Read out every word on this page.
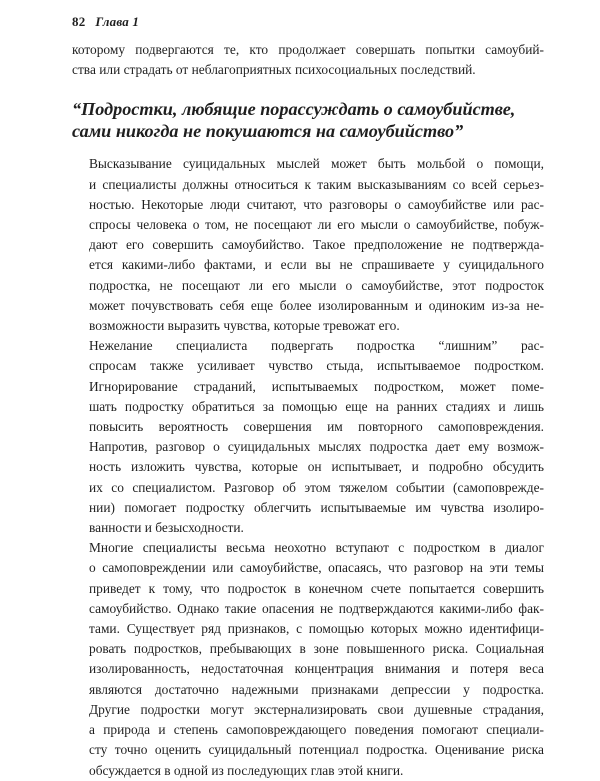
82 Глава 1

которому подвергаются те, кто продолжает совершать попытки самоубий-
ства или страдать от неблагоприятных психосоциальных последствий.

“Подростки, любящие порассуждать о самоубийстве,
сами никогда не покушаются на самоубийство”

Высказывание суицидальных мыслей может быть мольбой о помощи,
и специалисты должны относиться к таким высказываниям со всей серьез-
ностью. Некоторые люди считают, что разговоры о самоубийстве или рас-
спросы человека о том, не посещают ли его мысли о самоубийстве, побуж-
дают его совершить самоубийство. Такое предположение не подтвержда-
ется какими-либо фактами, и если вы не спрашиваете у суицидального
подростка, не посещают ли его мысли о самоубийстве, этот подросток
может почувствовать себя еще более изолированным и одиноким из-за не-
возможности выразить чувства, которые тревожат его.

Нежелание специалиста подвергать подростка “лишним” рас-
спросам также усиливает чувство стыда, испытываемое подростком.
Игнорирование страданий, испытываемых подростком, может поме-
шать подростку обратиться за помощью еще на ранних стадиях и лишь
повысить вероятность совершения им повторного самоповреждения.
Напротив, разговор о суицидальных мыслях подростка дает ему возмож-
ность изложить чувства, которые он испытывает, и подробно обсудить
их со специалистом. Разговор об этом тяжелом событии (самоповрежде-
нии) помогает подростку облегчить испытываемые им чувства изолиро-
ванности и безысходности.

Многие специалисты весьма неохотно вступают с подростком в диалог
о самоповреждении или самоубийстве, опасаясь, что разговор на эти темы
приведет к тому, что подросток в конечном счете попытается совершить
самоубийство. Однако такие опасения не подтверждаются какими-либо фак-
тами. Существует ряд признаков, с помощью которых можно идентифици-
ровать подростков, пребывающих в зоне повышенного риска. Социальная
изолированность, недостаточная концентрация внимания и потеря веса
являются достаточно надежными признаками депрессии у подростка.
Другие подростки могут экстернализировать свои душевные страдания,
а природа и степень самоповреждающего поведения помогают специали-
сту точно оценить суицидальный потенциал подростка. Оценивание риска
обсуждается в одной из последующих глав этой книги.
